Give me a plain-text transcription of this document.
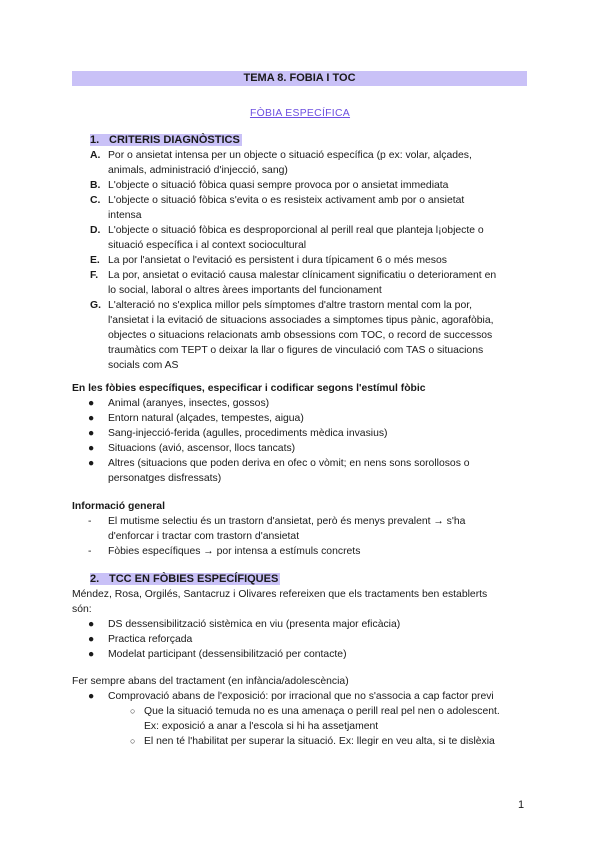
TEMA 8. FOBIA I TOC
FÒBIA ESPECÍFICA
1. CRITERIS DIAGNÒSTICS
A. Por o ansietat intensa per un objecte o situació específica (p ex: volar, alçades,
animals, administració d'injecció, sang)
B. L'objecte o situació fòbica quasi sempre provoca por o ansietat immediata
C. L'objecte o situació fòbica s'evita o es resisteix activament amb por o ansietat
intensa
D. L'objecte o situació fòbica es desproporcional al perill real que planteja l¡objecte o
situació específica i al context sociocultural
E. La por l'ansietat o l'evitació es persistent i dura típicament 6 o més mesos
F. La por, ansietat o evitació causa malestar clínicament significatiu o deteriorament en
lo social, laboral o altres àrees importants del funcionament
G. L'alteració no s'explica millor pels símptomes d'altre trastorn mental com la por,
l'ansietat i la evitació de situacions associades a simptomes tipus pànic, agorafòbia,
objectes o situacions relacionats amb obsessions com TOC, o record de successos
traumàtics com TEPT o deixar la llar o figures de vinculació com TAS o situacions
socials com AS
En les fòbies específiques, especificar i codificar segons l'estímul fòbic
●	Animal (aranyes, insectes, gossos)
●	Entorn natural (alçades, tempestes, aigua)
●	Sang-injecció-ferida (agulles, procediments mèdica invasius)
●	Situacions (avió, ascensor, llocs tancats)
●	Altres (situacions que poden deriva en ofec o vòmit; en nens sons sorollosos o
personatges disfressats)
Informació general
-	El mutisme selectiu és un trastorn d'ansietat, però és menys prevalent → s'ha
d'enforcar i tractar com trastorn d'ansietat
-	Fòbies específiques → por intensa a estímuls concrets
2. TCC EN FÒBIES ESPECÍFIQUES
Méndez, Rosa, Orgilés, Santacruz i Olivares refereixen que els tractaments ben establerts
són:
●	DS dessensibilització sistèmica en viu (presenta major eficàcia)
●	Practica reforçada
●	Modelat participant (dessensibilització per contacte)
Fer sempre abans del tractament (en infància/adolescència)
●	Comprovació abans de l'exposició: por irracional que no s'associa a cap factor previ
○ Que la situació temuda no es una amenaça o perill real pel nen o adolescent.
Ex: exposició a anar a l'escola si hi ha assetjament
○ El nen té l'habilitat per superar la situació. Ex: llegir en veu alta, si te dislèxia
1
